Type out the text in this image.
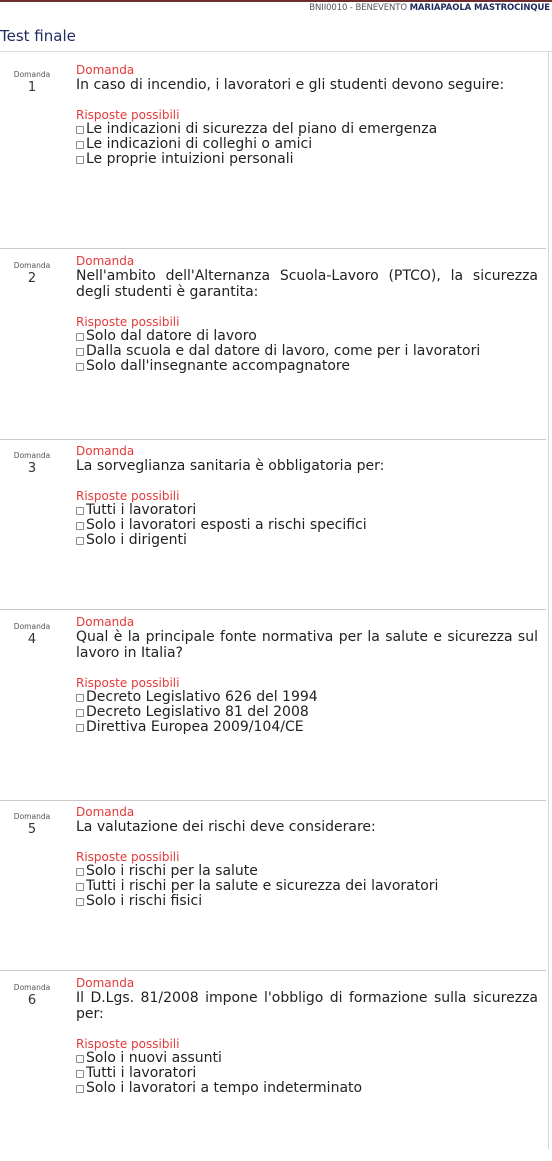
BNII0010 - BENEVENTO MARIAPAOLA MASTROCINQUE
Test finale
Domanda
1
Domanda
In caso di incendio, i lavoratori e gli studenti devono seguire:
Risposte possibili
Le indicazioni di sicurezza del piano di emergenza
Le indicazioni di colleghi o amici
Le proprie intuizioni personali
Domanda
2
Domanda
Nell'ambito dell'Alternanza Scuola-Lavoro (PTCO), la sicurezza degli studenti è garantita:
Risposte possibili
Solo dal datore di lavoro
Dalla scuola e dal datore di lavoro, come per i lavoratori
Solo dall'insegnante accompagnatore
Domanda
3
Domanda
La sorveglianza sanitaria è obbligatoria per:
Risposte possibili
Tutti i lavoratori
Solo i lavoratori esposti a rischi specifici
Solo i dirigenti
Domanda
4
Domanda
Qual è la principale fonte normativa per la salute e sicurezza sul lavoro in Italia?
Risposte possibili
Decreto Legislativo 626 del 1994
Decreto Legislativo 81 del 2008
Direttiva Europea 2009/104/CE
Domanda
5
Domanda
La valutazione dei rischi deve considerare:
Risposte possibili
Solo i rischi per la salute
Tutti i rischi per la salute e sicurezza dei lavoratori
Solo i rischi fisici
Domanda
6
Domanda
Il D.Lgs. 81/2008 impone l'obbligo di formazione sulla sicurezza per:
Risposte possibili
Solo i nuovi assunti
Tutti i lavoratori
Solo i lavoratori a tempo indeterminato
